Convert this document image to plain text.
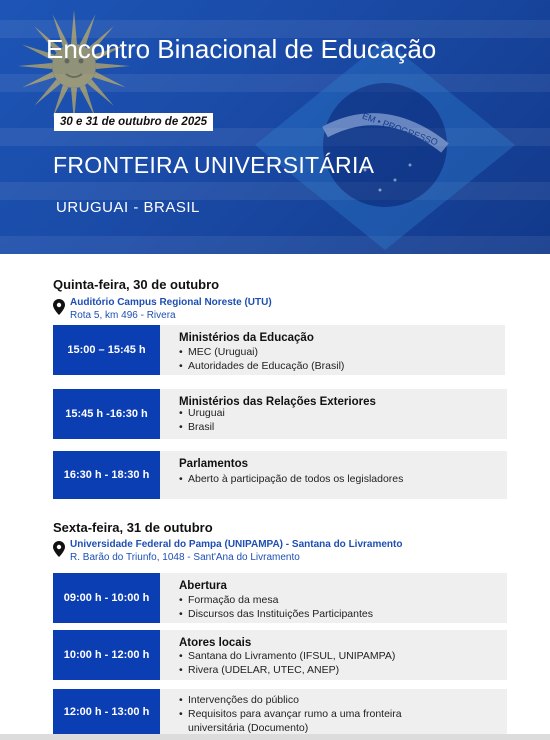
EM • PROGRESSO
Encontro Binacional de Educação
30 e 31 de outubro de 2025
FRONTEIRA UNIVERSITÁRIA
URUGUAI - BRASIL
Quinta-feira, 30 de outubro
Auditório Campus Regional Noreste (UTU)
Rota 5, km 496 - Rivera
15:00 – 15:45 h
Ministérios da Educação
• MEC (Uruguai)
• Autoridades de Educação (Brasil)
15:45 h -16:30 h
Ministérios das Relações Exteriores
• Uruguai
• Brasil
16:30 h - 18:30 h
Parlamentos
• Aberto à participação de todos os legisladores
Sexta-feira, 31 de outubro
Universidade Federal do Pampa (UNIPAMPA) - Santana do Livramento
R. Barão do Triunfo, 1048 - Sant'Ana do Livramento
09:00 h - 10:00 h
Abertura
• Formação da mesa
• Discursos das Instituições Participantes
10:00 h - 12:00 h
Atores locais
• Santana do Livramento (IFSUL, UNIPAMPA)
• Rivera (UDELAR, UTEC, ANEP)
12:00 h - 13:00 h
• Intervenções do público
• Requisitos para avançar rumo a uma fronteira
universitária (Documento)
